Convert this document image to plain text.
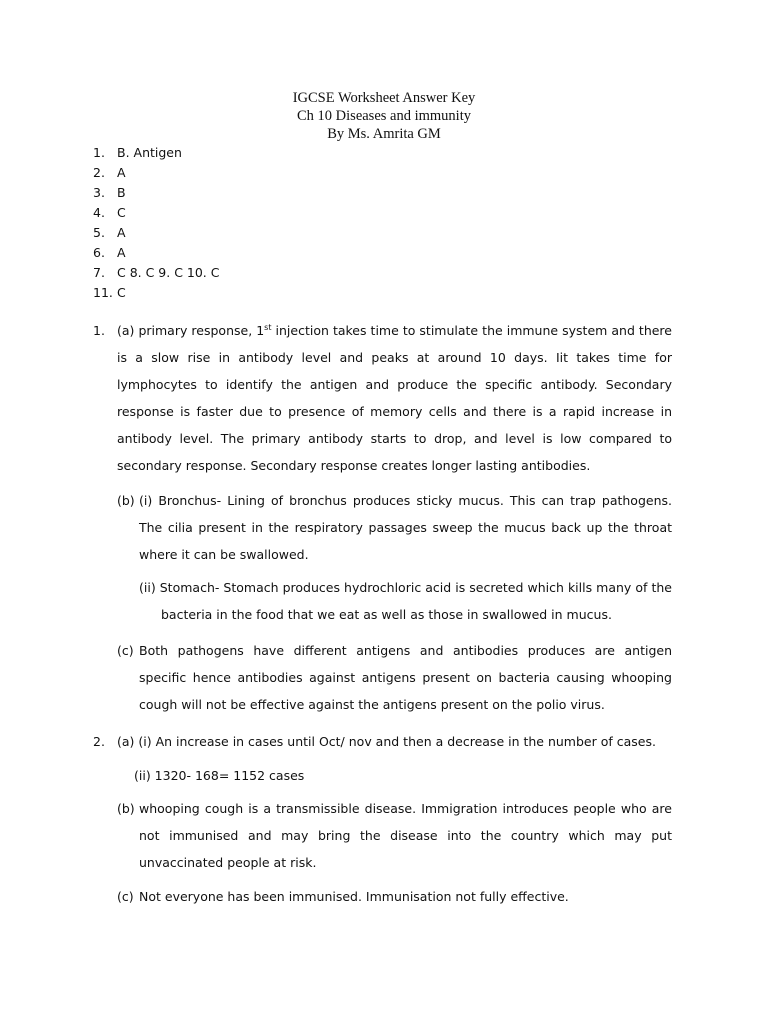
IGCSE Worksheet Answer Key
Ch 10 Diseases and immunity
By Ms. Amrita GM
1. B. Antigen
2. A
3. B
4. C
5. A
6. A
7. C 8. C 9. C 10. C
11. C
1. (a) primary response, 1st injection takes time to stimulate the immune system and there is a slow rise in antibody level and peaks at around 10 days. Iit takes time for lymphocytes to identify the antigen and produce the specific antibody. Secondary response is faster due to presence of memory cells and there is a rapid increase in antibody level. The primary antibody starts to drop, and level is low compared to secondary response. Secondary response creates longer lasting antibodies.
(b) (i) Bronchus- Lining of bronchus produces sticky mucus. This can trap pathogens. The cilia present in the respiratory passages sweep the mucus back up the throat where it can be swallowed.
(ii) Stomach- Stomach produces hydrochloric acid is secreted which kills many of the bacteria in the food that we eat as well as those in swallowed in mucus.
(c) Both pathogens have different antigens and antibodies produces are antigen specific hence antibodies against antigens present on bacteria causing whooping cough will not be effective against the antigens present on the polio virus.
2. (a) (i) An increase in cases until Oct/ nov and then a decrease in the number of cases.
(ii) 1320- 168= 1152 cases
(b) whooping cough is a transmissible disease. Immigration introduces people who are not immunised and may bring the disease into the country which may put unvaccinated people at risk.
(c) Not everyone has been immunised. Immunisation not fully effective.
